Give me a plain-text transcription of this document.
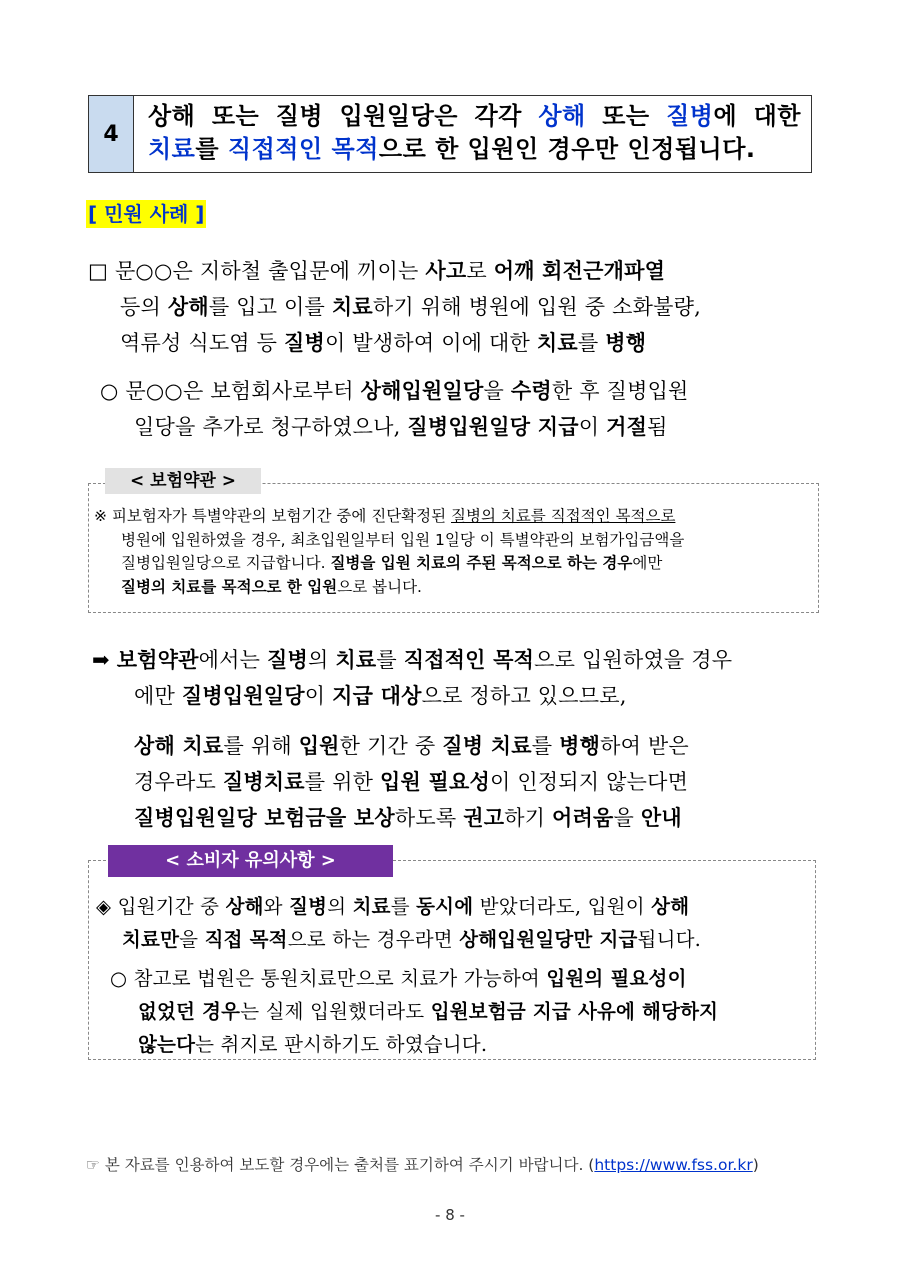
4
상해 또는 질병 입원일당은 각각 상해 또는 질병에 대한
치료를 직접적인 목적으로 한 입원인 경우만 인정됩니다.
[ 민원 사례 ]
□ 문○○은 지하철 출입문에 끼이는 사고로 어깨 회전근개파열
등의 상해를 입고 이를 치료하기 위해 병원에 입원 중 소화불량,
역류성 식도염 등 질병이 발생하여 이에 대한 치료를 병행
○ 문○○은 보험회사로부터 상해입원일당을 수령한 후 질병입원
일당을 추가로 청구하였으나, 질병입원일당 지급이 거절됨
< 보험약관 >
※ 피보험자가 특별약관의 보험기간 중에 진단확정된 질병의 치료를 직접적인 목적으로
병원에 입원하였을 경우, 최초입원일부터 입원 1일당 이 특별약관의 보험가입금액을
질병입원일당으로 지급합니다. 질병을 입원 치료의 주된 목적으로 하는 경우에만
질병의 치료를 목적으로 한 입원으로 봅니다.
➡ 보험약관에서는 질병의 치료를 직접적인 목적으로 입원하였을 경우
에만 질병입원일당이 지급 대상으로 정하고 있으므로,
상해 치료를 위해 입원한 기간 중 질병 치료를 병행하여 받은
경우라도 질병치료를 위한 입원 필요성이 인정되지 않는다면
질병입원일당 보험금을 보상하도록 권고하기 어려움을 안내
< 소비자 유의사항 >
◈ 입원기간 중 상해와 질병의 치료를 동시에 받았더라도, 입원이 상해
치료만을 직접 목적으로 하는 경우라면 상해입원일당만 지급됩니다.
○ 참고로 법원은 통원치료만으로 치료가 가능하여 입원의 필요성이
없었던 경우는 실제 입원했더라도 입원보험금 지급 사유에 해당하지
않는다는 취지로 판시하기도 하였습니다.
☞ 본 자료를 인용하여 보도할 경우에는 출처를 표기하여 주시기 바랍니다. (https://www.fss.or.kr)
- 8 -
